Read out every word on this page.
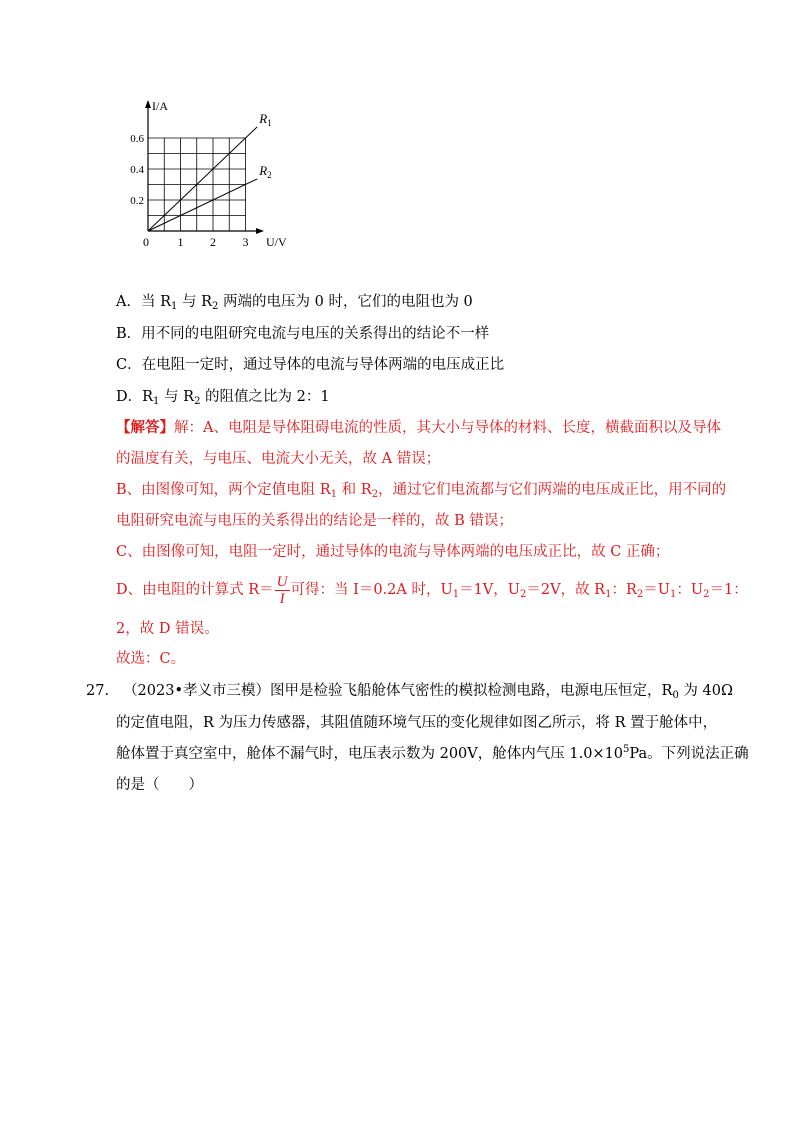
$R_1$
$R_2$
0 1 2 3
0.2
0.4
0.6
U/V
I/A
A．当 $R_1$ 与 $R_2$ 两端的电压为 0 时，它们的电阻也为 0
B．用不同的电阻研究电流与电压的关系得出的结论不一样
C．在电阻一定时，通过导体的电流与导体两端的电压成正比
D．$R_1$ 与 $R_2$ 的阻值之比为 2：1
【解答】解：A、电阻是导体阻碍电流的性质，其大小与导体的材料、长度，横截面积以及导体
的温度有关，与电压、电流大小无关，故 A 错误；
B、由图像可知，两个定值电阻 $R_1$ 和 $R_2$，通过它们电流都与它们两端的电压成正比，用不同的
电阻研究电流与电压的关系得出的结论是一样的，故 B 错误；
C、由图像可知，电阻一定时，通过导体的电流与导体两端的电压成正比，故 C 正确；
D、由电阻的计算式 $R= \frac{U}{I}$ 可得：当 I＝0.2A 时，$U_1=1V$，$U_2=2V$，故 $R_1$：$R_2=U_1$：$U_2=1$：
2，故 D 错误。
故选：C。
27. （2023•孝义市三模）图甲是检验飞船舱体气密性的模拟检测电路，电源电压恒定，$R_0$ 为 40Ω
的定值电阻，R 为压力传感器，其阻值随环境气压的变化规律如图乙所示，将 R 置于舱体中，
舱体置于真空室中，舱体不漏气时，电压表示数为 200V，舱体内气压 $1.0\times 10^5Pa$。下列说法正确
的是（　　）
